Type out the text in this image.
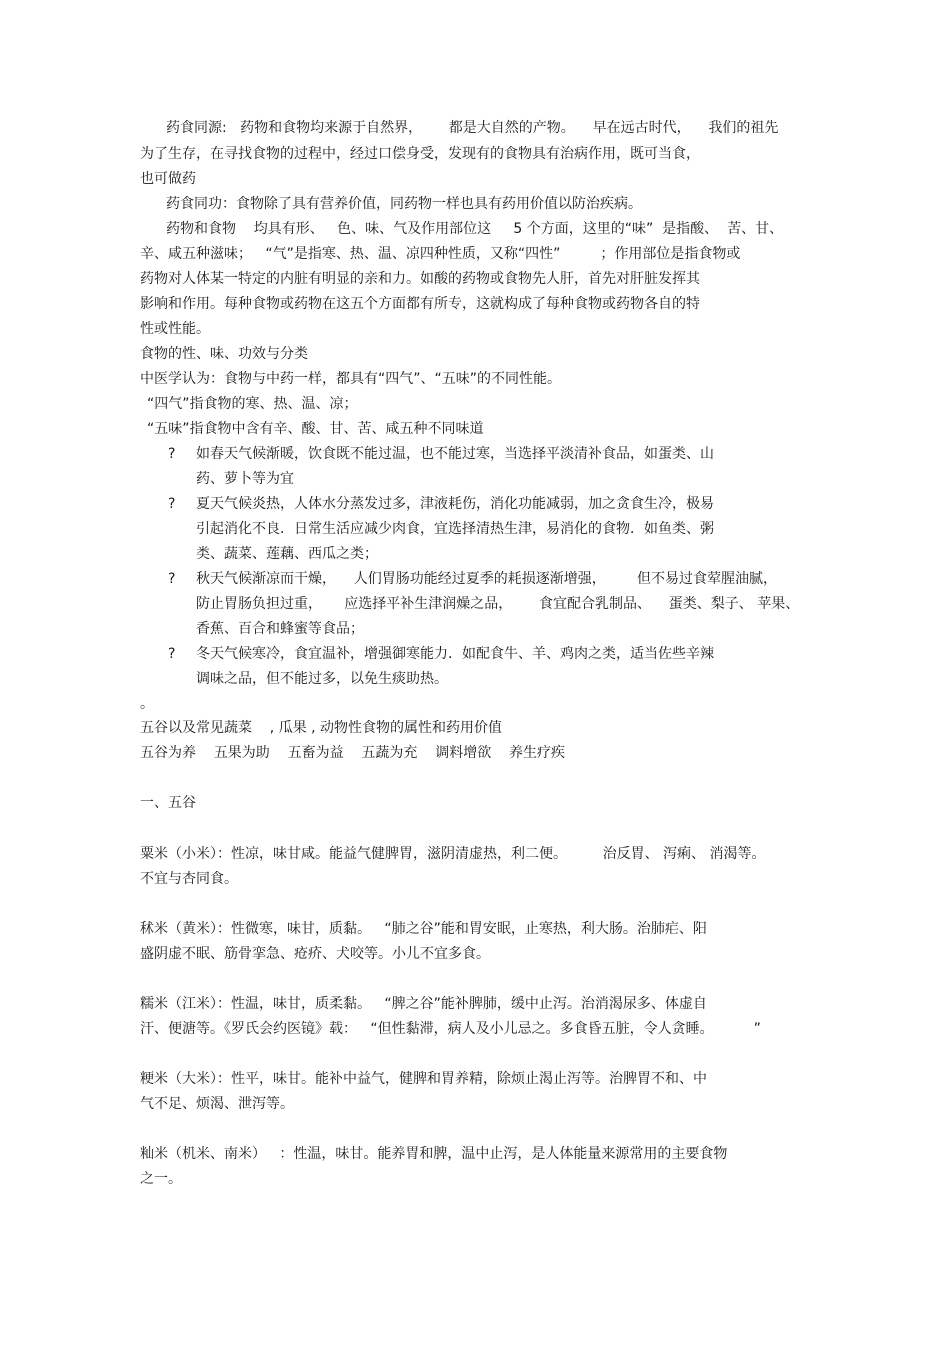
药食同源:   药物和食物均来源于自然界，      都是大自然的产物。    早在远古时代，    我们的祖先
为了生存，在寻找食物的过程中，经过口偿身受，发现有的食物具有治病作用，既可当食，
也可做药
药食同功：食物除了具有营养价值，同药物一样也具有药用价值以防治疾病。
药物和食物    均具有形、   色、味、气及作用部位这     5 个方面，这里的“味”  是指酸、  苦、甘、
辛、咸五种滋味；   “气”是指寒、热、温、凉四种性质，又称“四性”         ；作用部位是指食物或
药物对人体某一特定的内脏有明显的亲和力。如酸的药物或食物先人肝，首先对肝脏发挥其
影响和作用。每种食物或药物在这五个方面都有所专，这就构成了每种食物或药物各自的特
性或性能。
食物的性、味、功效与分类
中医学认为：食物与中药一样，都具有“四气”、“五味”的不同性能。
“四气”指食物的寒、热、温、凉；
“五味”指食物中含有辛、酸、甘、苦、咸五种不同味道
? 如春天气候渐暖，饮食既不能过温，也不能过寒，当选择平淡清补食品，如蛋类、山
药、萝卜等为宜
? 夏天气候炎热，人体水分蒸发过多，津液耗伤，消化功能减弱，加之贪食生冷，极易
引起消化不良．日常生活应减少肉食，宜选择清热生津，易消化的食物．如鱼类、粥
类、蔬菜、莲藕、西瓜之类；
? 秋天气候渐凉而干燥，    人们胃肠功能经过夏季的耗损逐渐增强，       但不易过食荤腥油腻，
防止胃肠负担过重，     应选择平补生津润燥之品，      食宜配合乳制品、    蛋类、梨子、 苹果、
香蕉、百合和蜂蜜等食品；
? 冬天气候寒冷，食宜温补，增强御寒能力．如配食牛、羊、鸡肉之类，适当佐些辛辣
调味之品，但不能过多，以免生痰助热。
。
五谷以及常见蔬菜    , 瓜果 , 动物性食物的属性和药用价值
五谷为养    五果为助    五畜为益    五蔬为充    调料增欲    养生疗疾
一、五谷
粟米（小米）：性凉，味甘咸。能益气健脾胃，滋阴清虚热，利二便。        治反胃、 泻痢、 消渴等。
不宜与杏同食。
秫米（黄米）：性微寒，味甘，质黏。   “肺之谷”能和胃安眠，止寒热，利大肠。治肺疟、阳
盛阴虚不眠、筋骨挛急、疮疥、犬咬等。小儿不宜多食。
糯米（江米）：性温，味甘，质柔黏。   “脾之谷”能补脾肺，缓中止泻。治消渴尿多、体虚自
汗、便溏等。《罗氏会约医镜》载：   “但性黏滞，病人及小儿忌之。多食昏五脏，令人贪睡。         ”
粳米（大米）：性平，味甘。能补中益气，健脾和胃养精，除烦止渴止泻等。治脾胃不和、中
气不足、烦渴、泄泻等。
籼米（机米、南米）   ：性温，味甘。能养胃和脾，温中止泻，是人体能量来源常用的主要食物
之一。
